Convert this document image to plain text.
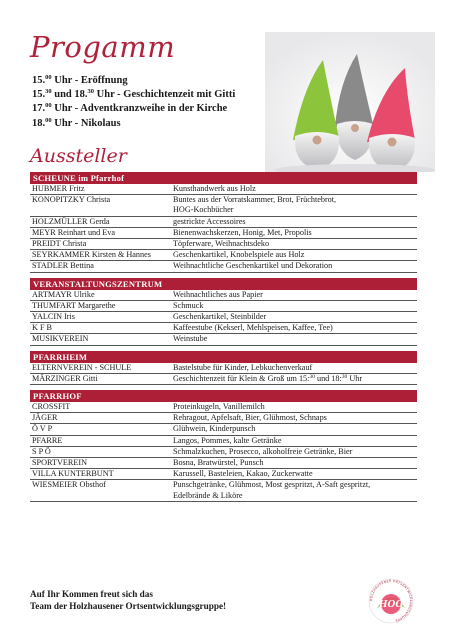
Progamm
15.00 Uhr - Eröffnung
15.30 und 18.30 Uhr - Geschichtenzeit mit Gitti
17.00 Uhr - Adventkranzweihe in der Kirche
18.00 Uhr - Nikolaus
Aussteller
SCHEUNE im Pfarrhof
HUBMER Fritz	Kunsthandwerk aus Holz
KONOPITZKY Christa	Buntes aus der Vorratskammer, Brot, Früchtebrot,
HOG-Kochbücher
HOLZMÜLLER Gerda	gestrickte Accessoires
MEYR Reinhart und Eva	Bienenwachskerzen, Honig, Met, Propolis
PREIDT Christa	Töpferware, Weihnachtsdeko
SEYRKAMMER Kirsten & Hannes	Geschenkartikel, Knobelspiele aus Holz
STADLER Bettina	Weihnachtliche Geschenkartikel und Dekoration
VERANSTALTUNGSZENTRUM
ARTMAYR Ulrike	Weihnachtliches aus Papier
THUMFART Margarethe	Schmuck
YALCIN Iris	Geschenkartikel, Steinbilder
K F B	Kaffeestube (Kekserl, Mehlspeisen, Kaffee, Tee)
MUSIKVEREIN	Weinstube
PFARRHEIM
ELTERNVEREIN - SCHULE	Bastelstube für Kinder, Lebkuchenverkauf
MÄRZINGER Gitti	Geschichtenzeit für Klein & Groß um 15:$^{30}$ und 18:$^{30}$ Uhr
PFARRHOF
CROSSFIT	Proteinkugeln, Vanillemilch
JÄGER	Rehragout, Apfelsaft, Bier, Glühmost, Schnaps
Ö V P	Glühwein, Kinderpunsch
PFARRE	Langos, Pommes, kalte Getränke
S P Ö	Schmalzkuchen, Prosecco, alkoholfreie Getränke, Bier
SPORTVEREIN	Bosna, Bratwürstel, Punsch
VILLA KUNTERBUNT	Karussell, Basteleien, Kakao, Zuckerwatte
WIESMEIER Obsthof	Punschgetränke, Glühmost, Most gespritzt, A-Saft gespritzt,
Edelbrände & Liköre
Auf Ihr Kommen freut sich das
Team der Holzhausener Ortsentwicklungsgruppe!
HOLZHAUSENER ORTSENTWICKLUNGSGRUPPE
HOG
